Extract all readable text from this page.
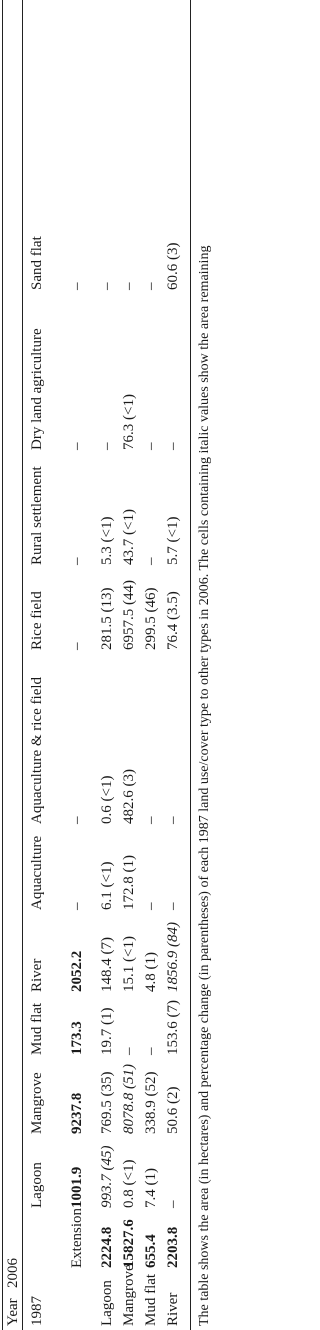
Year
2006
1987
Lagoon
Mangrove
Mud flat
River
Aquaculture
Aquaculture & rice field
Rice field
Rural settlement
Dry land agriculture
Sand flat
Extension
1001.9
9237.8
173.3
2052.2
–
–
–
–
–
–
Lagoon
2224.8
993.7 (45)
769.5 (35)
19.7 (1)
148.4 (7)
6.1 (<1)
0.6 (<1)
281.5 (13)
5.3 (<1)
–
–
Mangrove
15827.6
0.8 (<1)
8078.8 (51)
–
15.1 (<1)
172.8 (1)
482.6 (3)
6957.5 (44)
43.7 (<1)
76.3 (<1)
–
Mud flat
655.4
7.4 (1)
338.9 (52)
–
4.8 (1)
–
–
299.5 (46)
–
–
–
River
2203.8
–
50.6 (2)
153.6 (7)
1856.9 (84)
–
–
76.4 (3.5)
5.7 (<1)
–
60.6 (3) The table shows the area (in hectares) and percentage change (in parentheses) of each 1987 land use/cover type to other types in 2006. The cells containing italic values show the area remaining
